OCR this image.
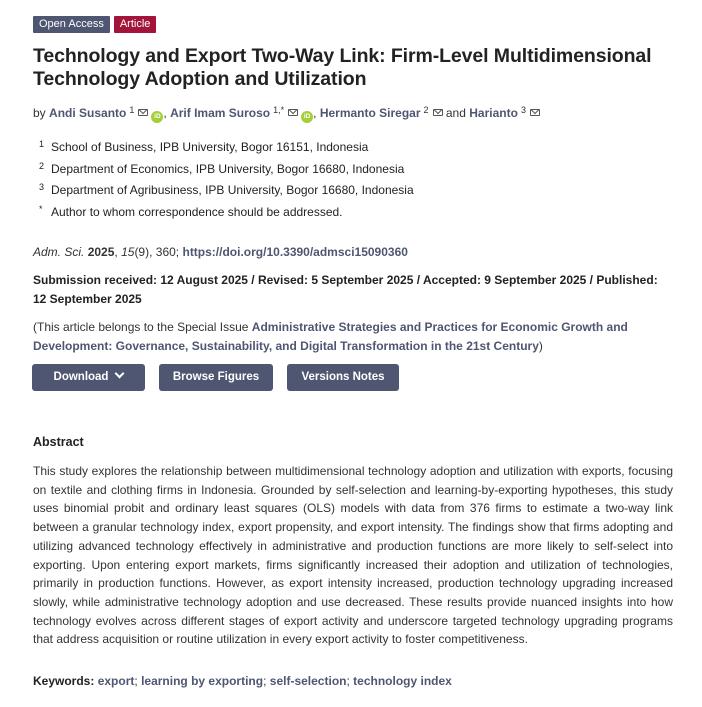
Open Access	Article
Technology and Export Two-Way Link: Firm-Level Multidimensional Technology Adoption and Utilization
by Andi Susanto $^1$iD , Arif Imam Suroso $^{1,*}$iD , Hermanto Siregar $^2$ and Harianto $^3$
1 School of Business, IPB University, Bogor 16151, Indonesia
2 Department of Economics, IPB University, Bogor 16680, Indonesia
3 Department of Agribusiness, IPB University, Bogor 16680, Indonesia
* Author to whom correspondence should be addressed.
Adm. Sci. 2025, 15(9), 360; https://doi.org/10.3390/admsci15090360
Submission received: 12 August 2025 / Revised: 5 September 2025 / Accepted: 9 September 2025 / Published: 12 September 2025
(This article belongs to the Special Issue Administrative Strategies and Practices for Economic Growth and Development: Governance, Sustainability, and Digital Transformation in the 21st Century)
Download	Browse Figures	Versions Notes
Abstract

This study explores the relationship between multidimensional technology adoption and utilization with exports, focusing on textile and clothing firms in Indonesia. Grounded by self-selection and learning-by-exporting hypotheses, this study uses binomial probit and ordinary least squares (OLS) models with data from 376 firms to estimate a two-way link between a granular technology index, export propensity, and export intensity. The findings show that firms adopting and utilizing advanced technology effectively in administrative and production functions are more likely to self-select into exporting. Upon entering export markets, firms significantly increased their adoption and utilization of technologies, primarily in production functions. However, as export intensity increased, production technology upgrading increased slowly, while administrative technology adoption and use decreased. These results provide nuanced insights into how technology evolves across different stages of export activity and underscore targeted technology upgrading programs that address acquisition or routine utilization in every export activity to foster competitiveness.

Keywords: export; learning by exporting; self-selection; technology index
